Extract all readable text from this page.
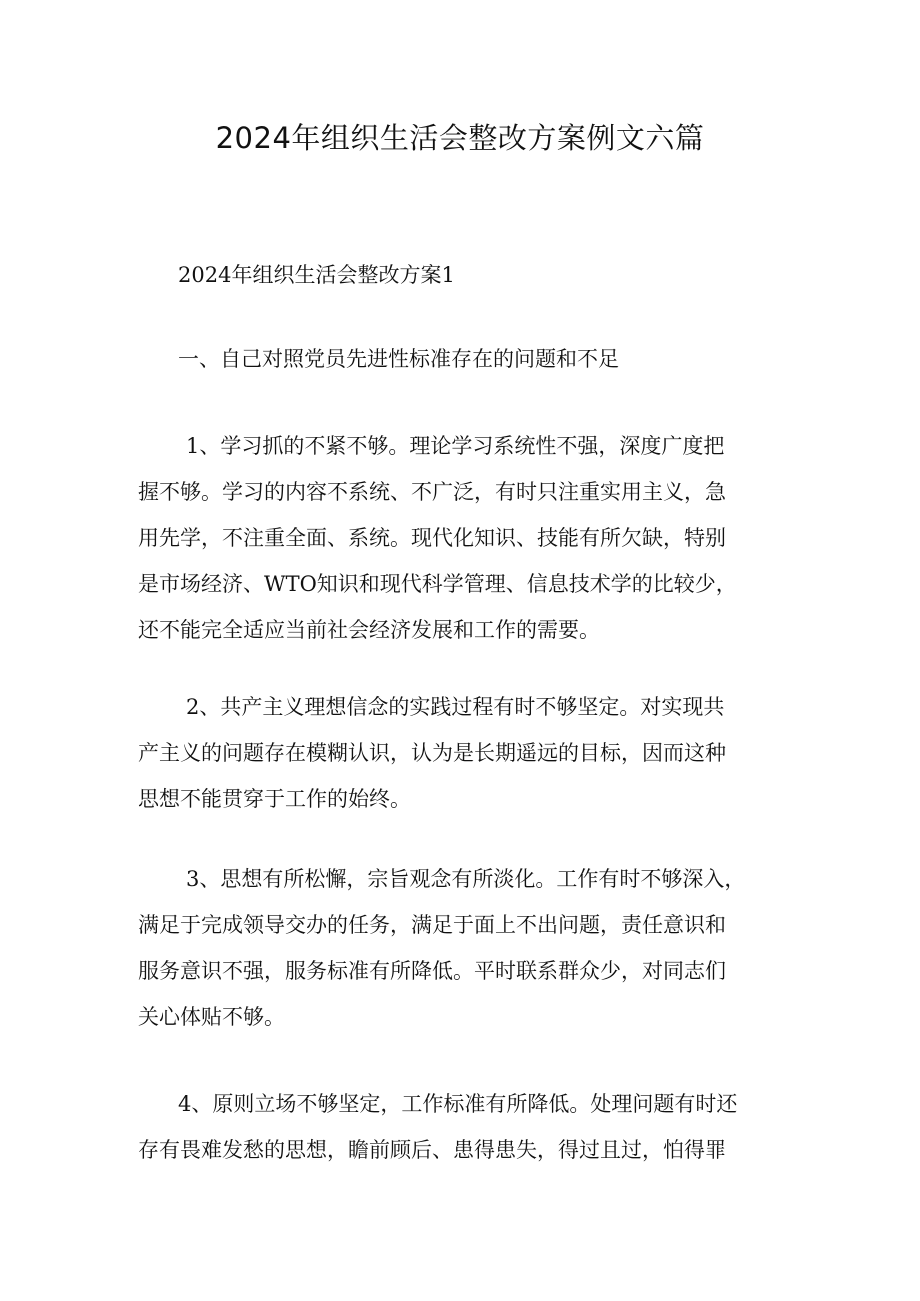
2024年组织生活会整改方案例文六篇
2024年组织生活会整改方案1
一、自己对照党员先进性标准存在的问题和不足

1、学习抓的不紧不够。理论学习系统性不强，深度广度把
握不够。学习的内容不系统、不广泛，有时只注重实用主义，急
用先学，不注重全面、系统。现代化知识、技能有所欠缺，特别
是市场经济、WTO知识和现代科学管理、信息技术学的比较少，
还不能完全适应当前社会经济发展和工作的需要。

2、共产主义理想信念的实践过程有时不够坚定。对实现共
产主义的问题存在模糊认识，认为是长期遥远的目标，因而这种
思想不能贯穿于工作的始终。

3、思想有所松懈，宗旨观念有所淡化。工作有时不够深入，
满足于完成领导交办的任务，满足于面上不出问题，责任意识和
服务意识不强，服务标准有所降低。平时联系群众少，对同志们
关心体贴不够。

4、原则立场不够坚定，工作标准有所降低。处理问题有时还
存有畏难发愁的思想，瞻前顾后、患得患失，得过且过，怕得罪
